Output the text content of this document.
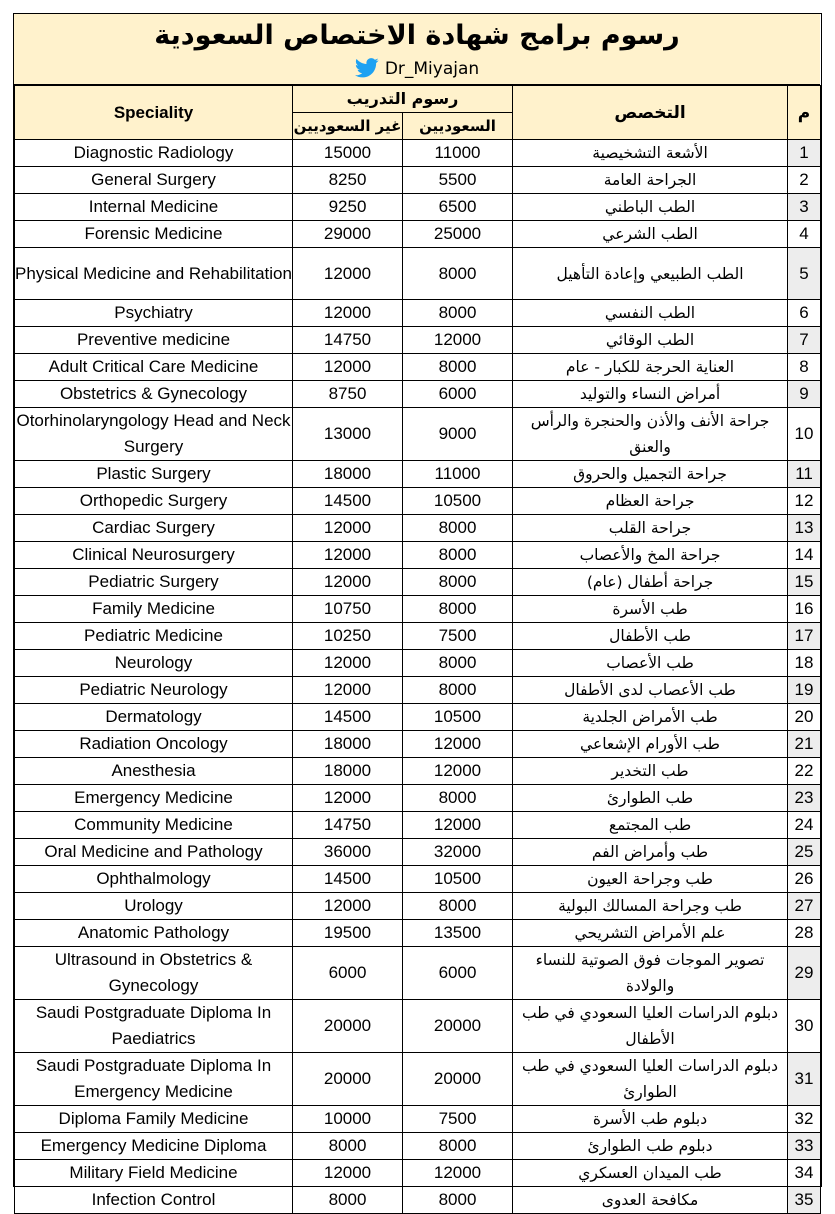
رسوم برامج شهادة الاختصاص السعودية
Dr_Miyajan
Speciality	رسوم التدريب		التخصص	م
	غير السعوديين	السعوديين		
Diagnostic Radiology	15000	11000	الأشعة التشخيصية	1
General Surgery	8250	5500	الجراحة العامة	2
Internal Medicine	9250	6500	الطب الباطني	3
Forensic Medicine	29000	25000	الطب الشرعي	4
Physical Medicine and Rehabilitation	12000	8000	الطب الطبيعي وإعادة التأهيل	5
Psychiatry	12000	8000	الطب النفسي	6
Preventive medicine	14750	12000	الطب الوقائي	7
Adult Critical Care Medicine	12000	8000	العناية الحرجة للكبار - عام	8
Obstetrics & Gynecology	8750	6000	أمراض النساء والتوليد	9
Otorhinolaryngology Head and Neck Surgery	13000	9000	جراحة الأنف والأذن والحنجرة والرأس والعنق	10
Plastic Surgery	18000	11000	جراحة التجميل والحروق	11
Orthopedic Surgery	14500	10500	جراحة العظام	12
Cardiac Surgery	12000	8000	جراحة القلب	13
Clinical Neurosurgery	12000	8000	جراحة المخ والأعصاب	14
Pediatric Surgery	12000	8000	جراحة أطفال (عام)	15
Family Medicine	10750	8000	طب الأسرة	16
Pediatric Medicine	10250	7500	طب الأطفال	17
Neurology	12000	8000	طب الأعصاب	18
Pediatric Neurology	12000	8000	طب الأعصاب لدى الأطفال	19
Dermatology	14500	10500	طب الأمراض الجلدية	20
Radiation Oncology	18000	12000	طب الأورام الإشعاعي	21
Anesthesia	18000	12000	طب التخدير	22
Emergency Medicine	12000	8000	طب الطوارئ	23
Community Medicine	14750	12000	طب المجتمع	24
Oral Medicine and Pathology	36000	32000	طب وأمراض الفم	25
Ophthalmology	14500	10500	طب وجراحة العيون	26
Urology	12000	8000	طب وجراحة المسالك البولية	27
Anatomic Pathology	19500	13500	علم الأمراض التشريحي	28
Ultrasound in Obstetrics & Gynecology	6000	6000	تصوير الموجات فوق الصوتية للنساء والولادة	29
Saudi Postgraduate Diploma In Paediatrics	20000	20000	دبلوم الدراسات العليا السعودي في طب الأطفال	30
Saudi Postgraduate Diploma In Emergency Medicine	20000	20000	دبلوم الدراسات العليا السعودي في طب الطوارئ	31
Diploma Family Medicine	10000	7500	دبلوم طب الأسرة	32
Emergency Medicine Diploma	8000	8000	دبلوم طب الطوارئ	33
Military Field Medicine	12000	12000	طب الميدان العسكري	34
Infection Control	8000	8000	مكافحة العدوى	35
